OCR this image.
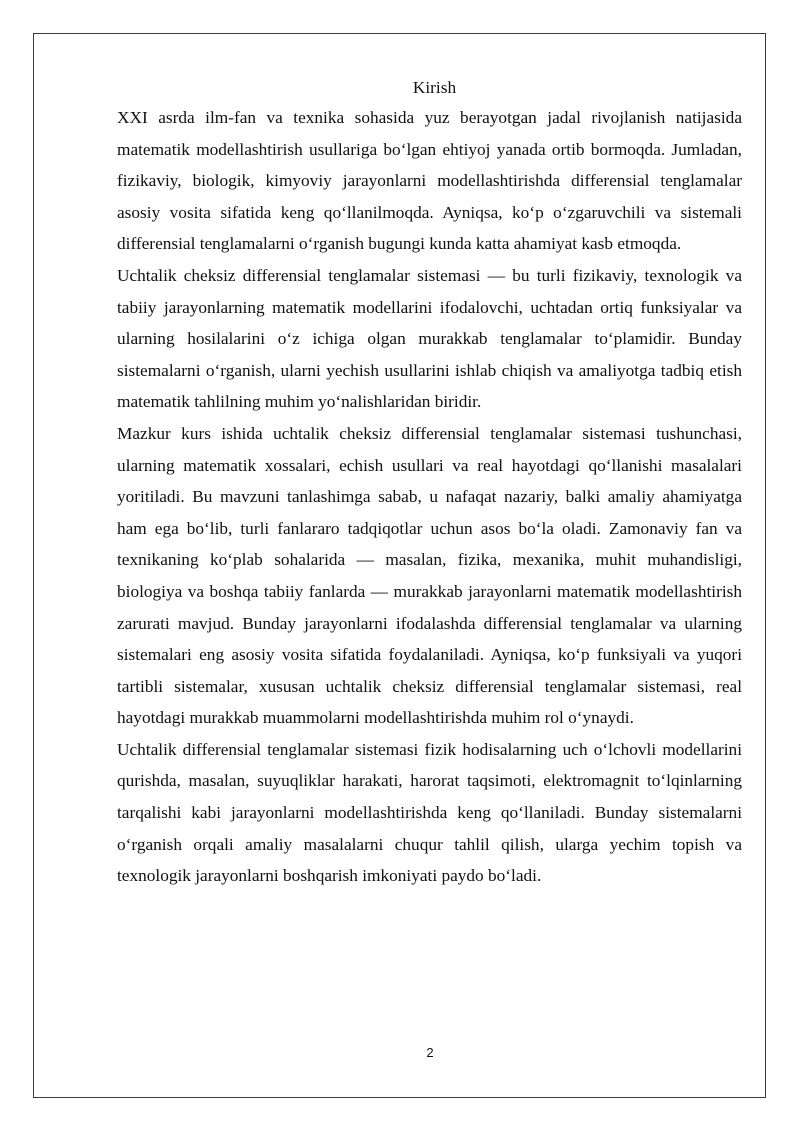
Kirish

XXI asrda ilm-fan va texnika sohasida yuz berayotgan jadal rivojlanish natijasida matematik modellashtirish usullariga bo‘lgan ehtiyoj yanada ortib bormoqda. Jumladan, fizikaviy, biologik, kimyoviy jarayonlarni modellashtirishda differensial tenglamalar asosiy vosita sifatida keng qo‘llanilmoqda. Ayniqsa, ko‘p o‘zgaruvchili va sistemali differensial tenglamalarni o‘rganish bugungi kunda katta ahamiyat kasb etmoqda.

Uchtalik cheksiz differensial tenglamalar sistemasi — bu turli fizikaviy, texnologik va tabiiy jarayonlarning matematik modellarini ifodalovchi, uchtadan ortiq funksiyalar va ularning hosilalarini o‘z ichiga olgan murakkab tenglamalar to‘plamidir. Bunday sistemalarni o‘rganish, ularni yechish usullarini ishlab chiqish va amaliyotga tadbiq etish matematik tahlilning muhim yo‘nalishlaridan biridir.

Mazkur kurs ishida uchtalik cheksiz differensial tenglamalar sistemasi tushunchasi, ularning matematik xossalari, echish usullari va real hayotdagi qo‘llanishi masalalari yoritiladi. Bu mavzuni tanlashimga sabab, u nafaqat nazariy, balki amaliy ahamiyatga ham ega bo‘lib, turli fanlararo tadqiqotlar uchun asos bo‘la oladi. Zamonaviy fan va texnikaning ko‘plab sohalarida — masalan, fizika, mexanika, muhit muhandisligi, biologiya va boshqa tabiiy fanlarda — murakkab jarayonlarni matematik modellashtirish zarurati mavjud. Bunday jarayonlarni ifodalashda differensial tenglamalar va ularning sistemalari eng asosiy vosita sifatida foydalaniladi. Ayniqsa, ko‘p funksiyali va yuqori tartibli sistemalar, xususan uchtalik cheksiz differensial tenglamalar sistemasi, real hayotdagi murakkab muammolarni modellashtirishda muhim rol o‘ynaydi.

Uchtalik differensial tenglamalar sistemasi fizik hodisalarning uch o‘lchovli modellarini qurishda, masalan, suyuqliklar harakati, harorat taqsimoti, elektromagnit to‘lqinlarning tarqalishi kabi jarayonlarni modellashtirishda keng qo‘llaniladi. Bunday sistemalarni o‘rganish orqali amaliy masalalarni chuqur tahlil qilish, ularga yechim topish va texnologik jarayonlarni boshqarish imkoniyati paydo bo‘ladi.

2
